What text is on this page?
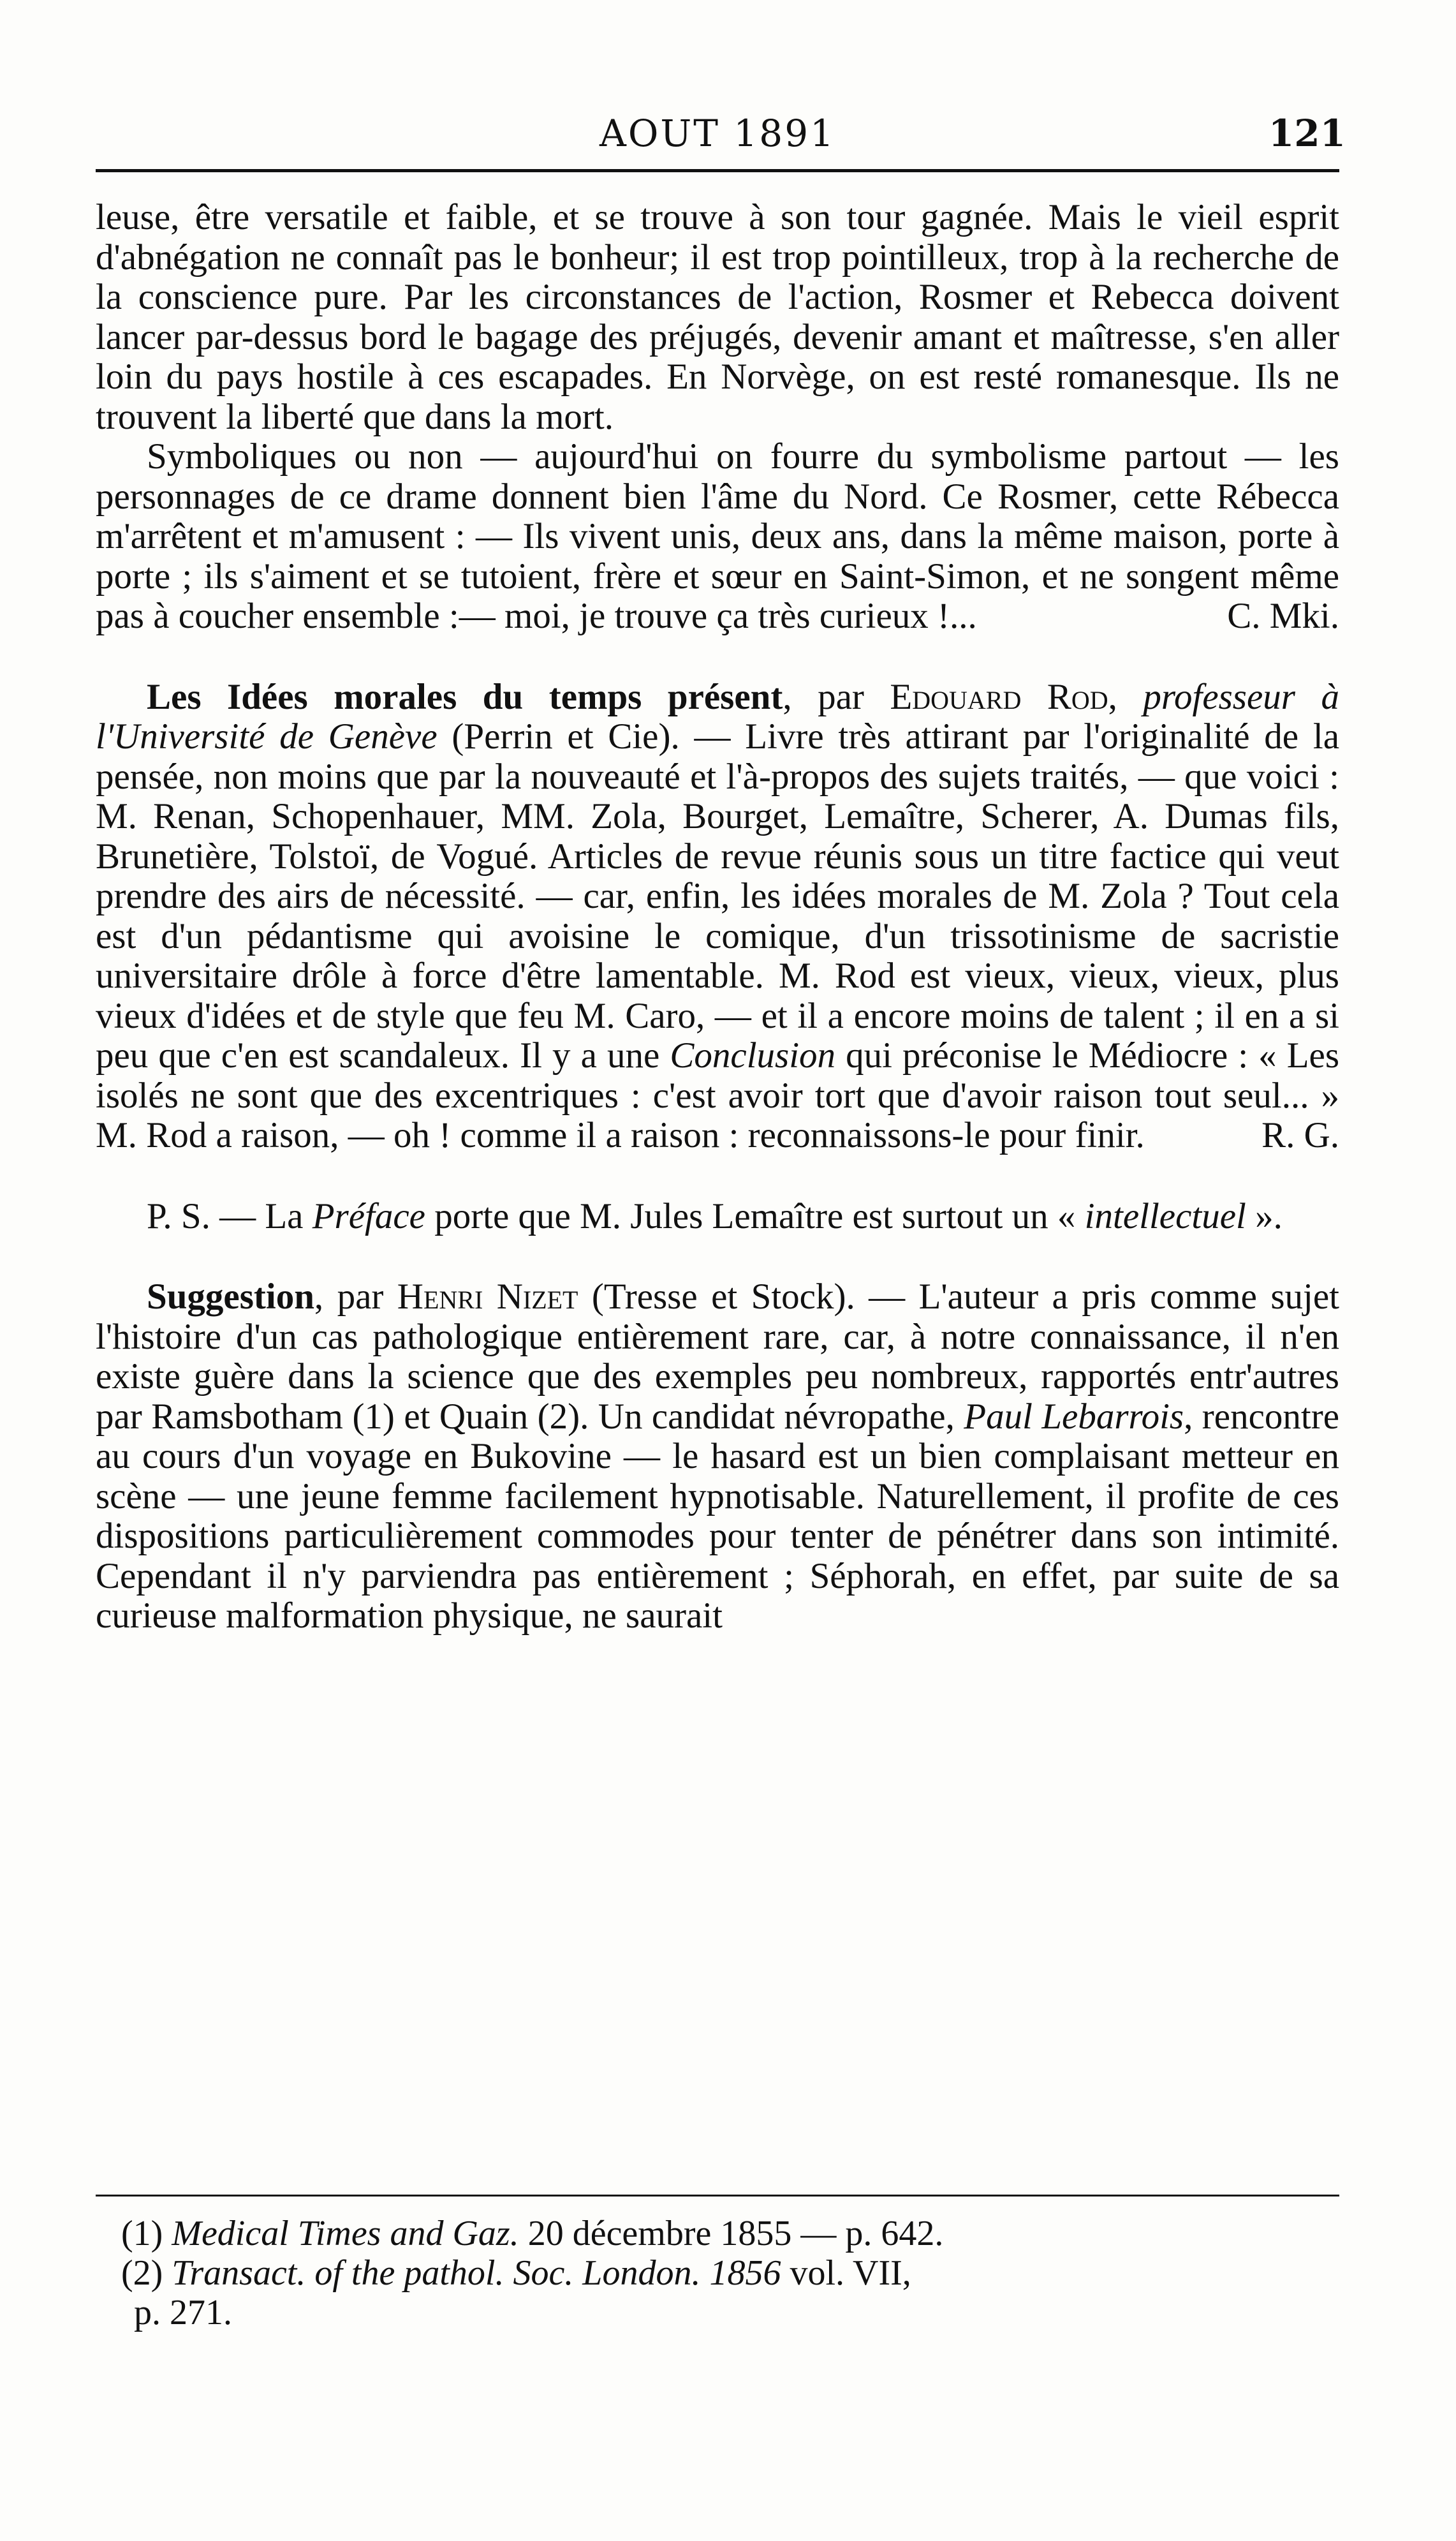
AOUT 1891	121

leuse, être versatile et faible, et se trouve à son tour gagnée. Mais le vieil esprit d'abnégation ne connaît pas le bonheur; il est trop pointilleux, trop à la recherche de la conscience pure. Par les circonstances de l'action, Rosmer et Rebecca doivent lancer par-dessus bord le bagage des préjugés, devenir amant et maîtresse, s'en aller loin du pays hostile à ces escapades. En Norvège, on est resté romanesque. Ils ne trouvent la liberté que dans la mort.

Symboliques ou non — aujourd'hui on fourre du symbolisme partout — les personnages de ce drame donnent bien l'âme du Nord. Ce Rosmer, cette Rébecca m'arrêtent et m'amusent : — Ils vivent unis, deux ans, dans la même maison, porte à porte ; ils s'aiment et se tutoient, frère et sœur en Saint-Simon, et ne songent même pas à coucher ensemble :— moi, je trouve ça très curieux !...	C. Mki.

Les Idées morales du temps présent, par Edouard Rod, professeur à l'Université de Genève (Perrin et Cie). — Livre très attirant par l'originalité de la pensée, non moins que par la nouveauté et l'à-propos des sujets traités, — que voici : M. Renan, Schopenhauer, MM. Zola, Bourget, Lemaître, Scherer, A. Dumas fils, Brunetière, Tolstoï, de Vogué. Articles de revue réunis sous un titre factice qui veut prendre des airs de nécessité. — car, enfin, les idées morales de M. Zola ? Tout cela est d'un pédantisme qui avoisine le comique, d'un trissotinisme de sacristie universitaire drôle à force d'être lamentable. M. Rod est vieux, vieux, vieux, plus vieux d'idées et de style que feu M. Caro, — et il a encore moins de talent ; il en a si peu que c'en est scandaleux. Il y a une Conclusion qui préconise le Médiocre : « Les isolés ne sont que des excentriques : c'est avoir tort que d'avoir raison tout seul... » M. Rod a raison, — oh ! comme il a raison : reconnaissons-le pour finir.	R. G.

P. S. — La Préface porte que M. Jules Lemaître est surtout un « intellectuel ».

Suggestion, par Henri Nizet (Tresse et Stock). — L'auteur a pris comme sujet l'histoire d'un cas pathologique entièrement rare, car, à notre connaissance, il n'en existe guère dans la science que des exemples peu nombreux, rapportés entr'autres par Ramsbotham (1) et Quain (2). Un candidat névropathe, Paul Lebarrois, rencontre au cours d'un voyage en Bukovine — le hasard est un bien complaisant metteur en scène — une jeune femme facilement hypnotisable. Naturellement, il profite de ces dispositions particulièrement commodes pour tenter de pénétrer dans son intimité. Cependant il n'y parviendra pas entièrement ; Séphorah, en effet, par suite de sa curieuse malformation physique, ne saurait

(1) Medical Times and Gaz. 20 décembre 1855 — p. 642.

(2) Transact. of the pathol. Soc. London. 1856 vol. VII,

p. 271.
